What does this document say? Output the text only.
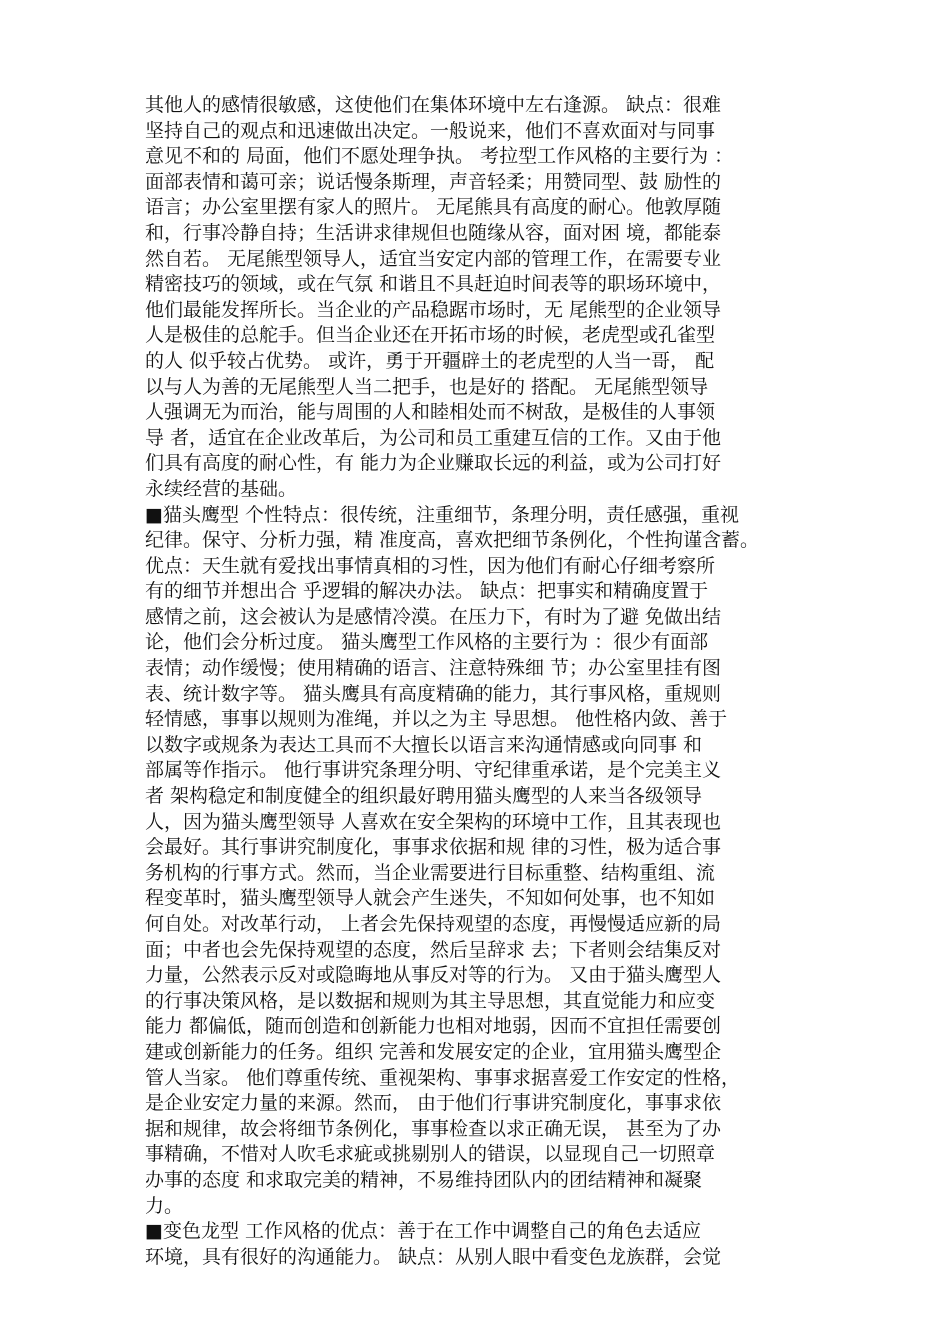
其他人的感情很敏感，这使他们在集体环境中左右逢源。 缺点：很难
坚持自己的观点和迅速做出决定。一般说来，他们不喜欢面对与同事
意见不和的 局面，他们不愿处理争执。 考拉型工作风格的主要行为 ：
面部表情和蔼可亲；说话慢条斯理，声音轻柔；用赞同型、鼓 励性的
语言；办公室里摆有家人的照片。 无尾熊具有高度的耐心。他敦厚随
和，行事冷静自持；生活讲求律规但也随缘从容，面对困 境，都能泰
然自若。 无尾熊型领导人，适宜当安定内部的管理工作，在需要专业
精密技巧的领域，或在气氛 和谐且不具赶迫时间表等的职场环境中，
他们最能发挥所长。当企业的产品稳踞市场时，无 尾熊型的企业领导
人是极佳的总舵手。但当企业还在开拓市场的时候，老虎型或孔雀型
的人 似乎较占优势。 或许，勇于开疆辟土的老虎型的人当一哥， 配
以与人为善的无尾熊型人当二把手，也是好的 搭配。 无尾熊型领导
人强调无为而治，能与周围的人和睦相处而不树敌，是极佳的人事领
导 者，适宜在企业改革后，为公司和员工重建互信的工作。又由于他
们具有高度的耐心性，有 能力为企业赚取长远的利益，或为公司打好
永续经营的基础。
■猫头鹰型 个性特点：很传统，注重细节，条理分明，责任感强，重视
纪律。保守、分析力强，精 准度高，喜欢把细节条例化，个性拘谨含蓄。
优点：天生就有爱找出事情真相的习性，因为他们有耐心仔细考察所
有的细节并想出合 乎逻辑的解决办法。 缺点：把事实和精确度置于
感情之前，这会被认为是感情冷漠。在压力下，有时为了避 免做出结
论，他们会分析过度。 猫头鹰型工作风格的主要行为 ：很少有面部
表情；动作缓慢；使用精确的语言、注意特殊细 节；办公室里挂有图
表、统计数字等。 猫头鹰具有高度精确的能力，其行事风格，重规则
轻情感，事事以规则为准绳，并以之为主 导思想。 他性格内敛、善于
以数字或规条为表达工具而不大擅长以语言来沟通情感或向同事 和
部属等作指示。 他行事讲究条理分明、守纪律重承诺，是个完美主义
者 架构稳定和制度健全的组织最好聘用猫头鹰型的人来当各级领导
人，因为猫头鹰型领导 人喜欢在安全架构的环境中工作，且其表现也
会最好。其行事讲究制度化，事事求依据和规 律的习性，极为适合事
务机构的行事方式。然而，当企业需要进行目标重整、结构重组、流
程变革时，猫头鹰型领导人就会产生迷失，不知如何处事，也不知如
何自处。对改革行动， 上者会先保持观望的态度，再慢慢适应新的局
面；中者也会先保持观望的态度，然后呈辞求 去；下者则会结集反对
力量，公然表示反对或隐晦地从事反对等的行为。 又由于猫头鹰型人
的行事决策风格，是以数据和规则为其主导思想，其直觉能力和应变
能力 都偏低，随而创造和创新能力也相对地弱，因而不宜担任需要创
建或创新能力的任务。组织 完善和发展安定的企业，宜用猫头鹰型企
管人当家。 他们尊重传统、重视架构、事事求据喜爱工作安定的性格，
是企业安定力量的来源。然而， 由于他们行事讲究制度化，事事求依
据和规律，故会将细节条例化，事事检查以求正确无误， 甚至为了办
事精确，不惜对人吹毛求疵或挑剔别人的错误，以显现自己一切照章
办事的态度 和求取完美的精神，不易维持团队内的团结精神和凝聚
力。
■变色龙型 工作风格的优点：善于在工作中调整自己的角色去适应
环境，具有很好的沟通能力。 缺点：从别人眼中看变色龙族群，会觉
